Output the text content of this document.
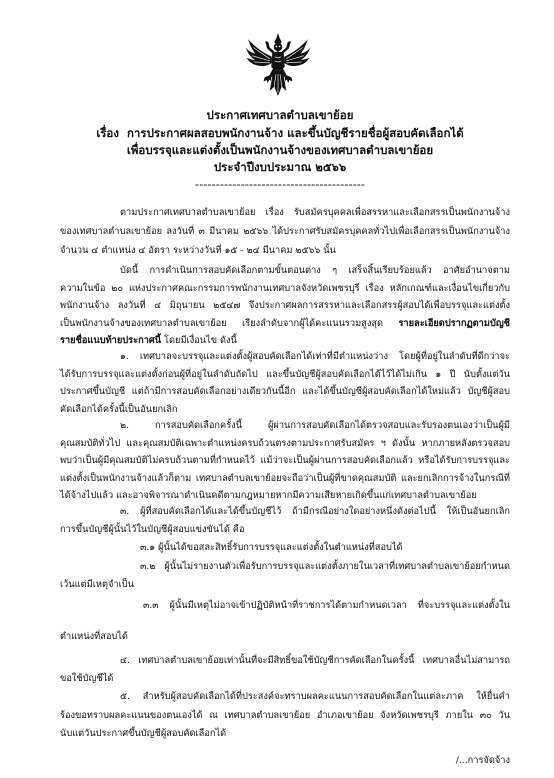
ประกาศเทศบาลตำบลเขาย้อย
เรื่อง การประกาศผลสอบพนักงานจ้าง และขึ้นบัญชีรายชื่อผู้สอบคัดเลือกได้
เพื่อบรรจุและแต่งตั้งเป็นพนักงานจ้างของเทศบาลตำบลเขาย้อย
ประจำปีงบประมาณ ๒๕๖๖
-----------------------------------------
ตามประกาศเทศบาลตำบลเขาย้อย เรื่อง รับสมัครบุคคลเพื่อสรรหาและเลือกสรรเป็นพนักงานจ้าง
ของเทศบาลตำบลเขาย้อย ลงวันที่ ๓ มีนาคม ๒๕๖๖ ได้ประกาศรับสมัครบุคคลทั่วไปเพื่อเลือกสรรเป็นพนักงานจ้าง
จำนวน ๔ ตำแหน่ง ๔ อัตรา ระหว่างวันที่ ๑๕ - ๒๔ มีนาคม ๒๕๖๖ นั้น
บัดนี้ การดำเนินการสอบคัดเลือกตามขั้นตอนต่าง ๆ เสร็จสิ้นเรียบร้อยแล้ว อาศัยอำนาจตาม
ความในข้อ ๒๐ แห่งประกาศคณะกรรมการพนักงานเทศบาลจังหวัดเพชรบุรี เรื่อง หลักเกณฑ์และเงื่อนไขเกี่ยวกับ
พนักงานจ้าง ลงวันที่ ๔ มิถุนายน ๒๕๔๗ จึงประกาศผลการสรรหาและเลือกสรรผู้สอบได้เพื่อบรรจุและแต่งตั้ง
เป็นพนักงานจ้างของเทศบาลตำบลเขาย้อย เรียงลำดับจากผู้ได้คะแนนรวมสูงสุด รายละเอียดปรากฏตามบัญชี
รายชื่อแนบท้ายประกาศนี้ โดยมีเงื่อนไข ดังนี้
๑. เทศบาลจะบรรจุและแต่งตั้งผู้สอบคัดเลือกได้เท่าที่มีตำแหน่งว่าง โดยผู้ที่อยู่ในลำดับที่ดีกว่าจะ
ได้รับการบรรจุและแต่งตั้งก่อนผู้ที่อยู่ในลำดับถัดไป และขึ้นบัญชีผู้สอบคัดเลือกได้ไว้ได้ไม่เกิน ๑ ปี นับตั้งแต่วัน
ประกาศขึ้นบัญชี แต่ถ้ามีการสอบคัดเลือกอย่างเดียวกันนี้อีก และได้ขึ้นบัญชีผู้สอบคัดเลือกได้ใหม่แล้ว บัญชีผู้สอบ
คัดเลือกได้ครั้งนี้เป็นอันยกเลิก
๒. การสอบคัดเลือกครั้งนี้ ผู้ผ่านการสอบคัดเลือกได้ตรวจสอบและรับรองตนเองว่าเป็นผู้มี
คุณสมบัติทั่วไป และคุณสมบัติเฉพาะตำแหน่งครบถ้วนตรงตามประกาศรับสมัคร ฯ ดังนั้น หากภายหลังตรวจสอบ
พบว่าเป็นผู้มีคุณสมบัติไม่ครบถ้วนตามที่กำหนดไว้ แม้ว่าจะเป็นผู้ผ่านการสอบคัดเลือกแล้ว หรือได้รับการบรรจุและ
แต่งตั้งเป็นพนักงานจ้างแล้วก็ตาม เทศบาลตำบลเขาย้อยจะถือว่าเป็นผู้ที่ขาดคุณสมบัติ และยกเลิกการจ้างในกรณีที่
ได้จ้างไปแล้ว และอาจพิจารณาดำเนินคดีตามกฎหมายหากมีความเสียหายเกิดขึ้นแก่เทศบาลตำบลเขาย้อย
๓. ผู้ที่สอบคัดเลือกได้และได้ขึ้นบัญชีไว้ ถ้ามีกรณีอย่างใดอย่างหนึ่งดังต่อไปนี้ ให้เป็นอันยกเลิก
การขึ้นบัญชีผู้นั้นไว้ในบัญชีผู้สอบแข่งขันได้ คือ
๓.๑ ผู้นั้นได้ขอสละสิทธิ์รับการบรรจุและแต่งตั้งในตำแหน่งที่สอบได้
๓.๒ ผู้นั้นไม่รายงานตัวเพื่อรับการบรรจุและแต่งตั้งภายในเวลาที่เทศบาลตำบลเขาย้อยกำหนด
เว้นแต่มีเหตุจำเป็น
๓.๓ ผู้นั้นมีเหตุไม่อาจเข้าปฏิบัติหน้าที่ราชการได้ตามกำหนดเวลา ที่จะบรรจุและแต่งตั้งใน
ตำแหน่งที่สอบได้
๔. เทศบาลตำบลเขาย้อยเท่านั้นที่จะมีสิทธิ์ขอใช้บัญชีการคัดเลือกในครั้งนี้ เทศบาลอื่นไม่สามารถ
ขอใช้บัญชีได้
๕. สำหรับผู้สอบคัดเลือกได้ที่ประสงค์จะทราบผลคะแนนการสอบคัดเลือกในแต่ละภาค ให้ยื่นคำ
ร้องขอทราบผลคะแนนของตนเองได้ ณ เทศบาลตำบลเขาย้อย อำเภอเขาย้อย จังหวัดเพชรบุรี ภายใน ๓๐ วัน
นับแต่วันประกาศขึ้นบัญชีผู้สอบคัดเลือกได้
/...การจัดจ้าง
